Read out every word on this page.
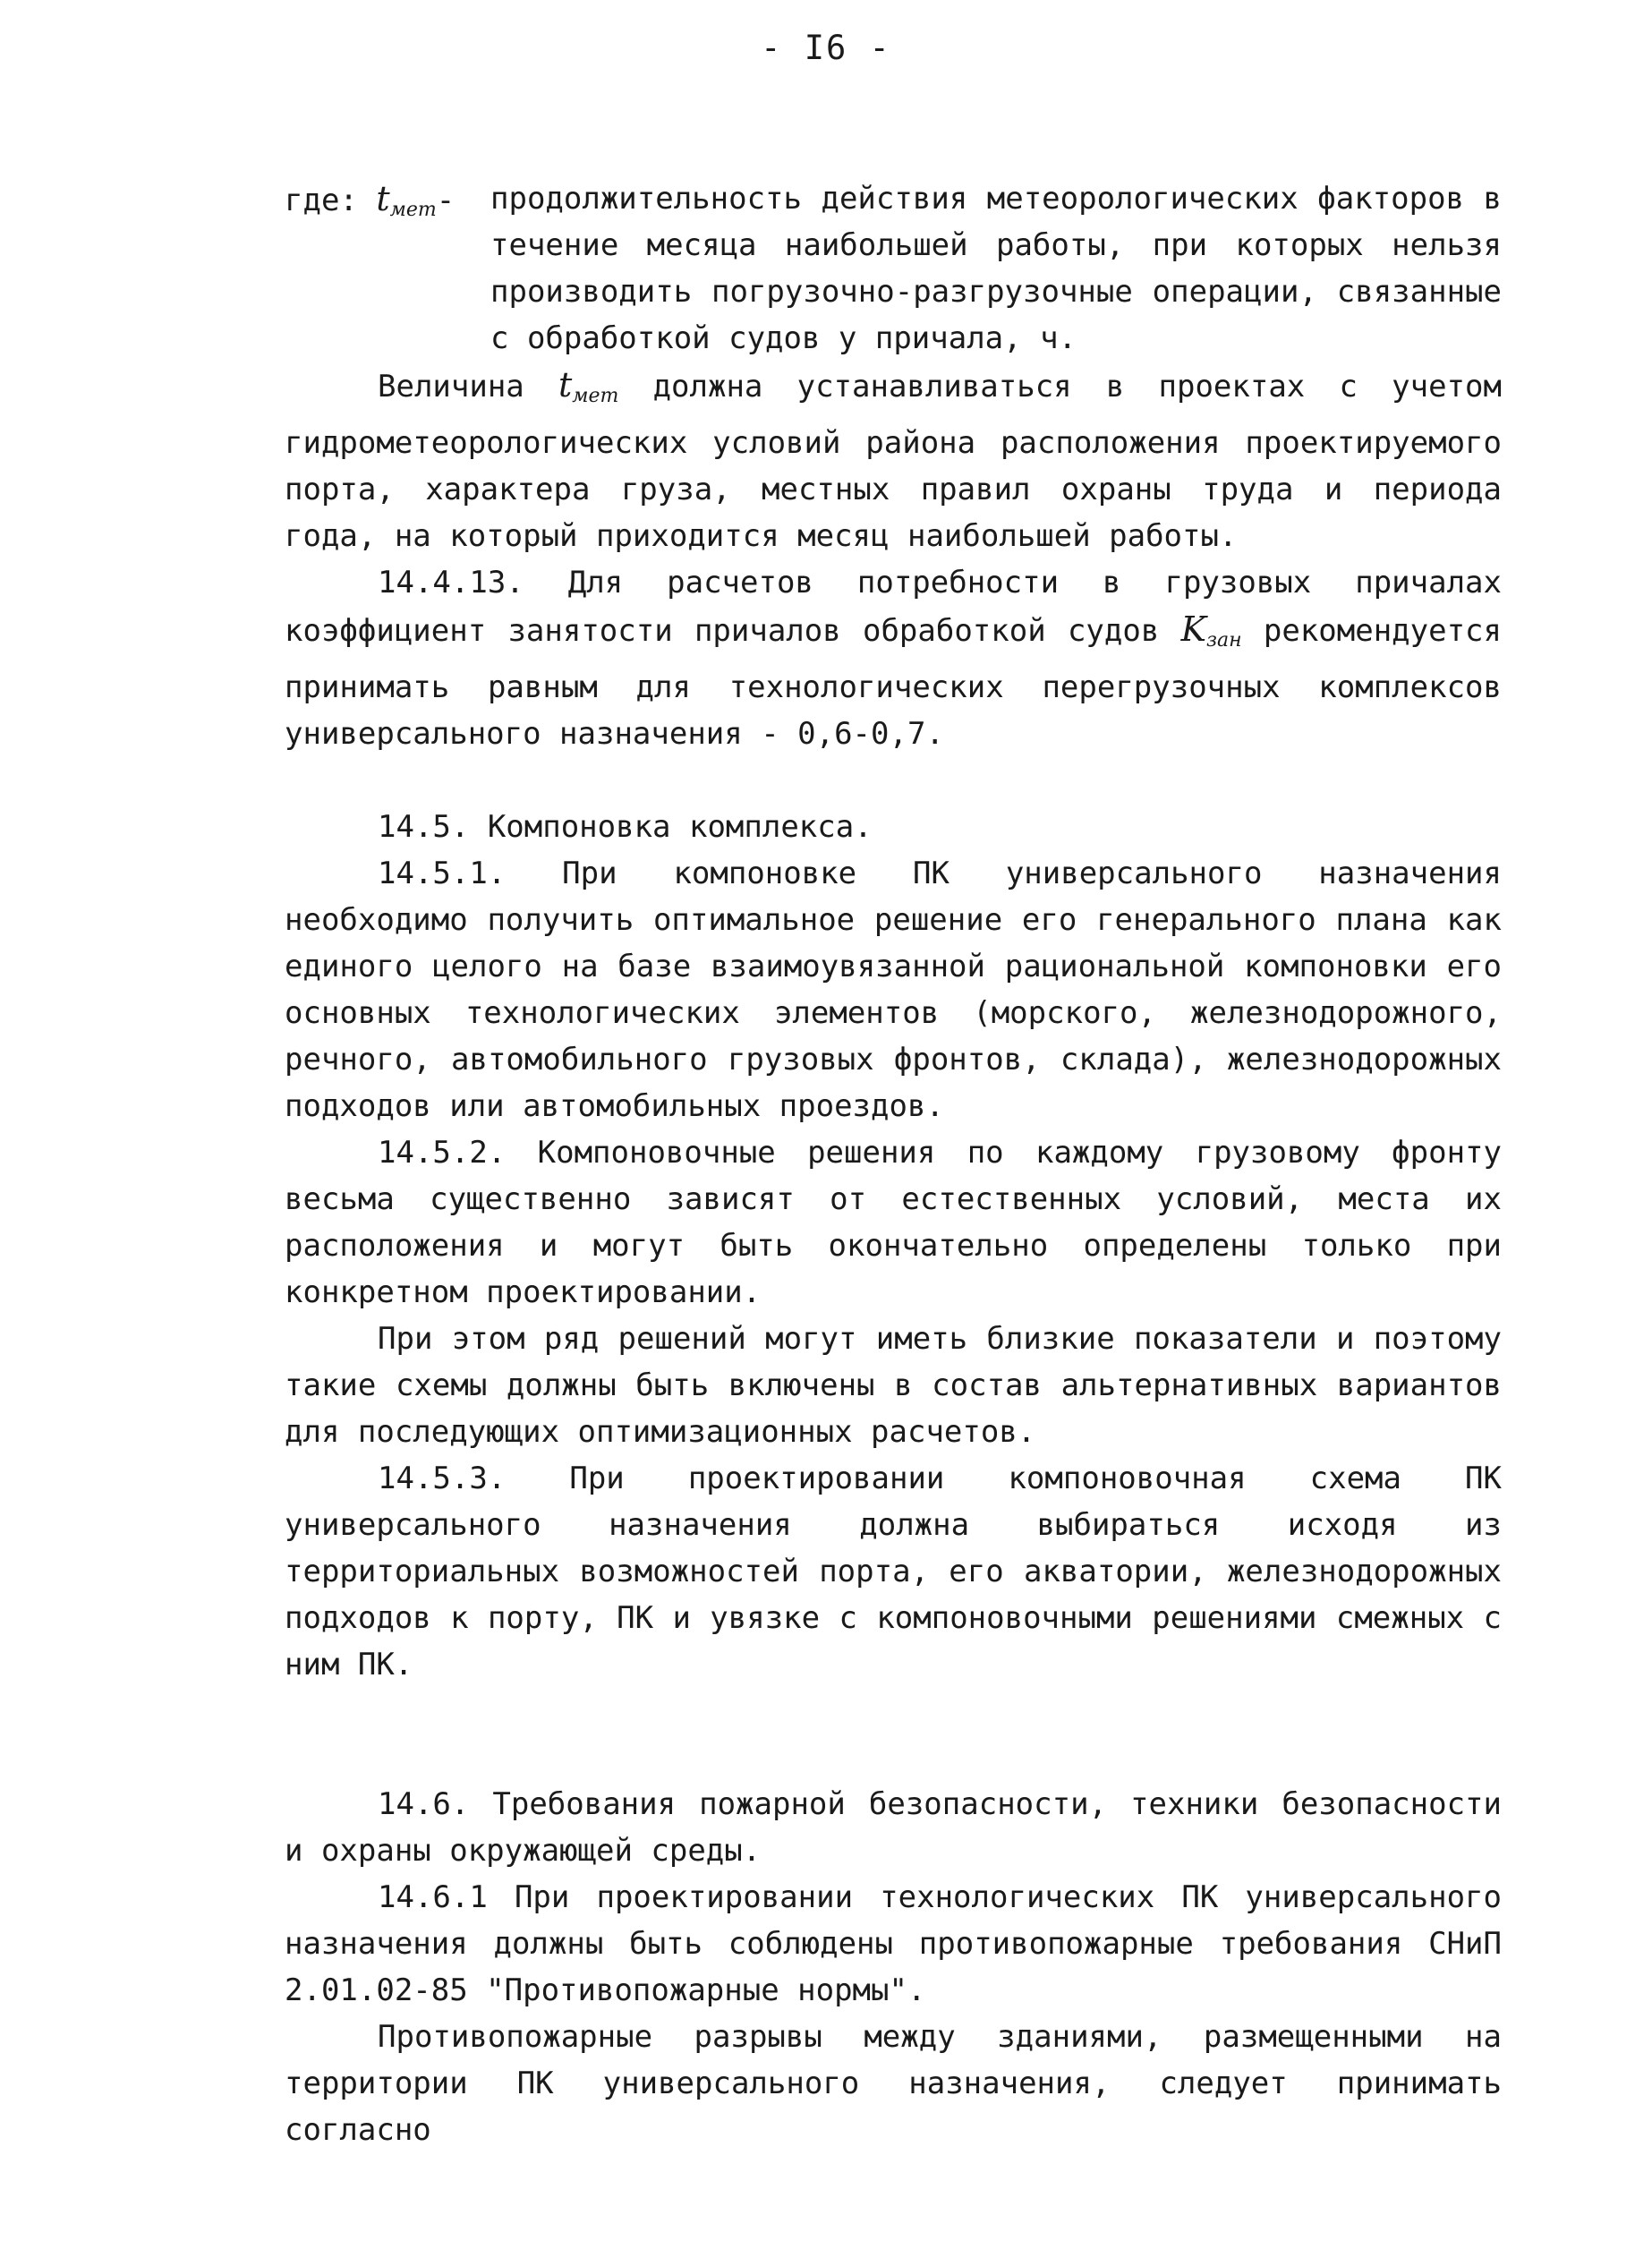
- I6 -

где: $t_{мет}-$ продолжительность действия метеорологических факторов в течение месяца наибольшей работы, при которых нельзя производить погрузочно-разгрузочные операции, связанные с обработкой судов у причала, ч.

Величина $t_{мет}$ должна устанавливаться в проектах с учетом гидрометеорологических условий района расположения проектируемого порта, характера груза, местных правил охраны труда и периода года, на который приходится месяц наибольшей работы.

14.4.13. Для расчетов потребности в грузовых причалах коэффициент занятости причалов обработкой судов $K_{зан}$ рекомендуется принимать равным для технологических перегрузочных комплексов универсального назначения - 0,6-0,7.

14.5. Компоновка комплекса.

14.5.1. При компоновке ПК универсального назначения необходимо получить оптимальное решение его генерального плана как единого целого на базе взаимоувязанной рациональной компоновки его основных технологических элементов (морского, железнодорожного, речного, автомобильного грузовых фронтов, склада), железнодорожных подходов или автомобильных проездов.

14.5.2. Компоновочные решения по каждому грузовому фронту весьма существенно зависят от естественных условий, места их расположения и могут быть окончательно определены только при конкретном проектировании.

При этом ряд решений могут иметь близкие показатели и поэтому такие схемы должны быть включены в состав альтернативных вариантов для последующих оптимизационных расчетов.

14.5.3. При проектировании компоновочная схема ПК универсального назначения должна выбираться исходя из территориальных возможностей порта, его акватории, железнодорожных подходов к порту, ПК и увязке с компоновочными решениями смежных с ним ПК.

14.6. Требования пожарной безопасности, техники безопасности и охраны окружающей среды.

14.6.1 При проектировании технологических ПК универсального назначения должны быть соблюдены противопожарные требования СНиП 2.01.02-85 "Противопожарные нормы".

Противопожарные разрывы между зданиями, размещенными на территории ПК универсального назначения, следует принимать согласно
